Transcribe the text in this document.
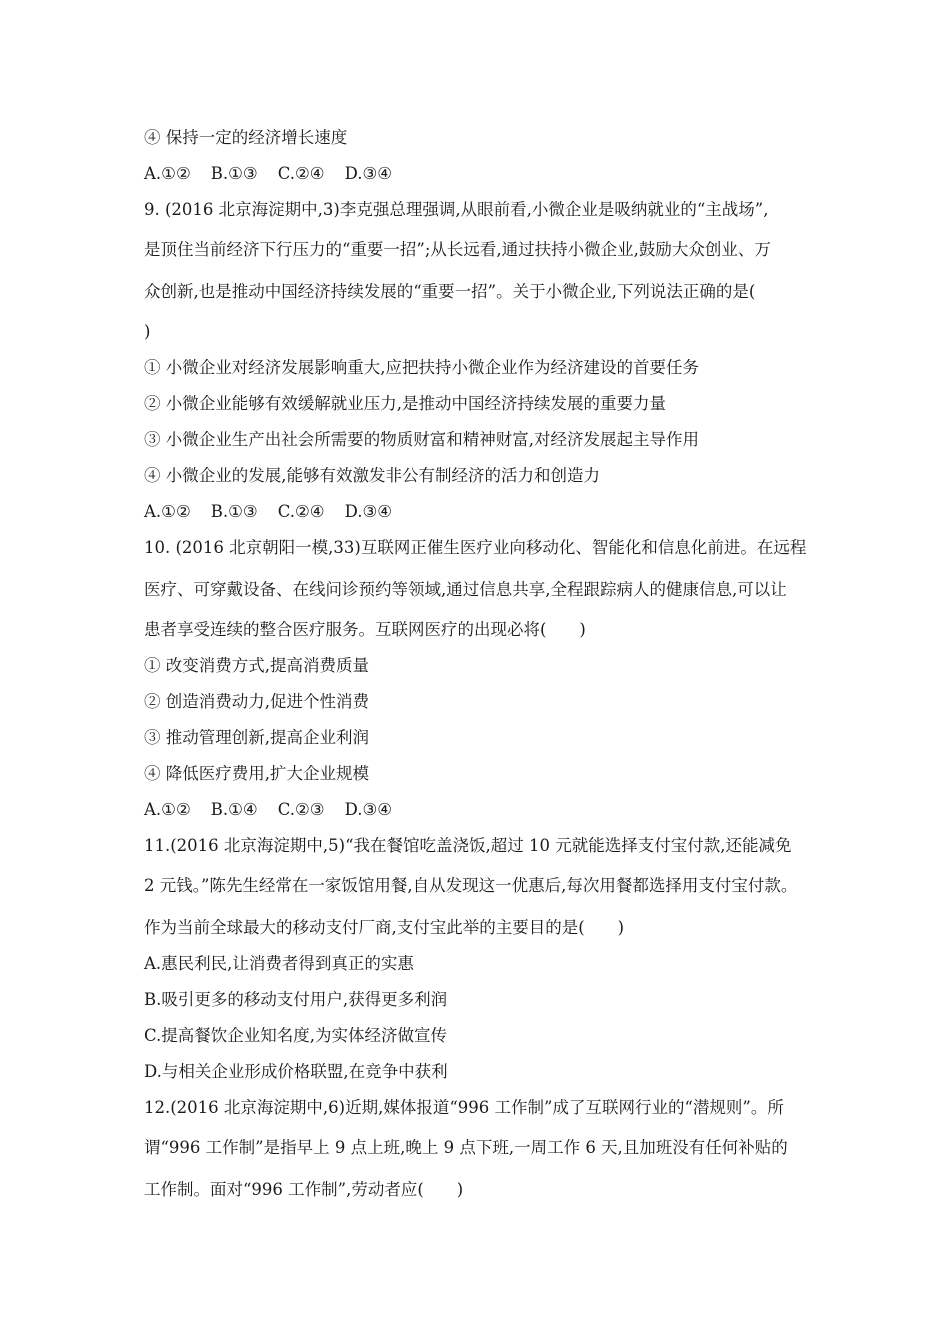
④ 保持一定的经济增长速度
A.①② B.①③ C.②④ D.③④
9. (2016 北京海淀期中,3)李克强总理强调,从眼前看,小微企业是吸纳就业的“主战场”,
是顶住当前经济下行压力的“重要一招”;从长远看,通过扶持小微企业,鼓励大众创业、万
众创新,也是推动中国经济持续发展的“重要一招”。关于小微企业,下列说法正确的是(
)
① 小微企业对经济发展影响重大,应把扶持小微企业作为经济建设的首要任务
② 小微企业能够有效缓解就业压力,是推动中国经济持续发展的重要力量
③ 小微企业生产出社会所需要的物质财富和精神财富,对经济发展起主导作用
④ 小微企业的发展,能够有效激发非公有制经济的活力和创造力
A.①② B.①③ C.②④ D.③④
10. (2016 北京朝阳一模,33)互联网正催生医疗业向移动化、智能化和信息化前进。在远程
医疗、可穿戴设备、在线问诊预约等领域,通过信息共享,全程跟踪病人的健康信息,可以让
患者享受连续的整合医疗服务。互联网医疗的出现必将(　　)
① 改变消费方式,提高消费质量
② 创造消费动力,促进个性消费
③ 推动管理创新,提高企业利润
④ 降低医疗费用,扩大企业规模
A.①② B.①④ C.②③ D.③④
11.(2016 北京海淀期中,5)“我在餐馆吃盖浇饭,超过 10 元就能选择支付宝付款,还能减免
2 元钱。”陈先生经常在一家饭馆用餐,自从发现这一优惠后,每次用餐都选择用支付宝付款。
作为当前全球最大的移动支付厂商,支付宝此举的主要目的是(　　)
A.惠民利民,让消费者得到真正的实惠
B.吸引更多的移动支付用户,获得更多利润
C.提高餐饮企业知名度,为实体经济做宣传
D.与相关企业形成价格联盟,在竞争中获利
12.(2016 北京海淀期中,6)近期,媒体报道“996 工作制”成了互联网行业的“潜规则”。所
谓“996 工作制”是指早上 9 点上班,晚上 9 点下班,一周工作 6 天,且加班没有任何补贴的
工作制。面对“996 工作制”,劳动者应(　　)
